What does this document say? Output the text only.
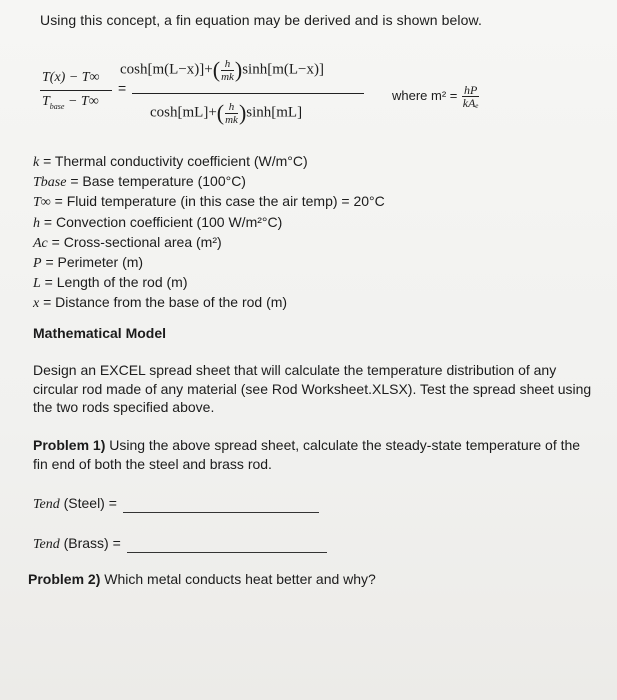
Using this concept, a fin equation may be derived and is shown below.
T(x) − T∞
$T_{base} - T\infty$
=
$\cosh[m(L-x)]+( \frac{h}{mk} )\sinh[m(L-x)]$
$\cosh[mL]+( \frac{h}{mk} )\sinh[mL]$
where $m^2 = \frac{hP}{\text{kAₑ}}$
k = Thermal conductivity coefficient (W/m°C)
Tbase = Base temperature (100°C)
T∞ = Fluid temperature (in this case the air temp) = 20°C
h = Convection coefficient (100 W/m²°C)
Ac = Cross-sectional area (m²)
P = Perimeter (m)
L = Length of the rod (m)
x = Distance from the base of the rod (m)
Mathematical Model
Design an EXCEL spread sheet that will calculate the temperature distribution of any circular rod made of any material (see Rod Worksheet.XLSX). Test the spread sheet using the two rods specified above.
Problem 1) Using the above spread sheet, calculate the steady-state temperature of the fin end of both the steel and brass rod.
Tend (Steel) =
Tend (Brass) =
Problem 2) Which metal conducts heat better and why?
